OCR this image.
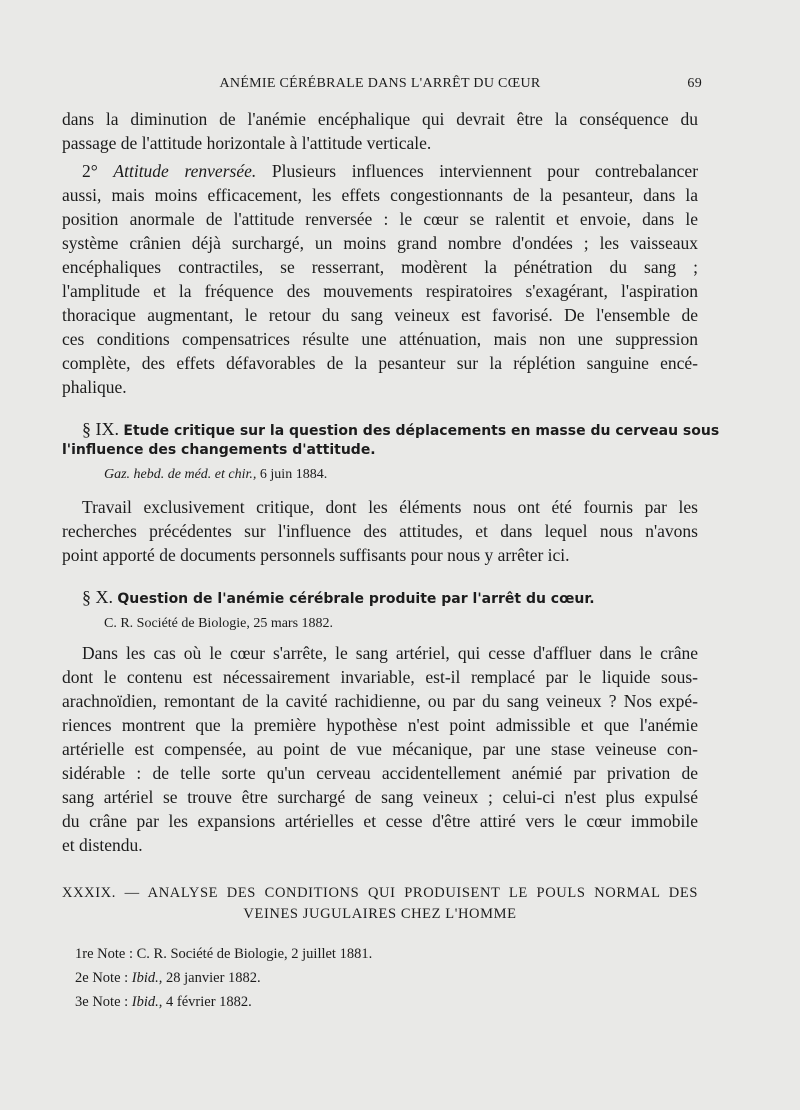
ANÉMIE CÉRÉBRALE DANS L'ARRÊT DU CŒUR	69
dans la diminution de l'anémie encéphalique qui devrait être la conséquence du
passage de l'attitude horizontale à l'attitude verticale.
2° Attitude renversée. Plusieurs influences interviennent pour contrebalancer
aussi, mais moins efficacement, les effets congestionnants de la pesanteur, dans la
position anormale de l'attitude renversée : le cœur se ralentit et envoie, dans le
système crânien déjà surchargé, un moins grand nombre d'ondées ; les vaisseaux
encéphaliques contractiles, se resserrant, modèrent la pénétration du sang ;
l'amplitude et la fréquence des mouvements respiratoires s'exagérant, l'aspiration
thoracique augmentant, le retour du sang veineux est favorisé. De l'ensemble de
ces conditions compensatrices résulte une atténuation, mais non une suppression
complète, des effets défavorables de la pesanteur sur la réplétion sanguine encé-
phalique.
§ IX. Etude critique sur la question des déplacements en masse du cerveau sous
l'influence des changements d'attitude.
Gaz. hebd. de méd. et chir., 6 juin 1884.
Travail exclusivement critique, dont les éléments nous ont été fournis par les
recherches précédentes sur l'influence des attitudes, et dans lequel nous n'avons
point apporté de documents personnels suffisants pour nous y arrêter ici.
§ X. Question de l'anémie cérébrale produite par l'arrêt du cœur.
C. R. Société de Biologie, 25 mars 1882.
Dans les cas où le cœur s'arrête, le sang artériel, qui cesse d'affluer dans le crâne
dont le contenu est nécessairement invariable, est-il remplacé par le liquide sous-
arachnoïdien, remontant de la cavité rachidienne, ou par du sang veineux ? Nos expé-
riences montrent que la première hypothèse n'est point admissible et que l'anémie
artérielle est compensée, au point de vue mécanique, par une stase veineuse con-
sidérable : de telle sorte qu'un cerveau accidentellement anémié par privation de
sang artériel se trouve être surchargé de sang veineux ; celui-ci n'est plus expulsé
du crâne par les expansions artérielles et cesse d'être attiré vers le cœur immobile
et distendu.
XXXIX. — ANALYSE DES CONDITIONS QUI PRODUISENT LE POULS NORMAL DES
VEINES JUGULAIRES CHEZ L'HOMME
1re Note : C. R. Société de Biologie, 2 juillet 1881.
2e Note : Ibid., 28 janvier 1882.
3e Note : Ibid., 4 février 1882.
